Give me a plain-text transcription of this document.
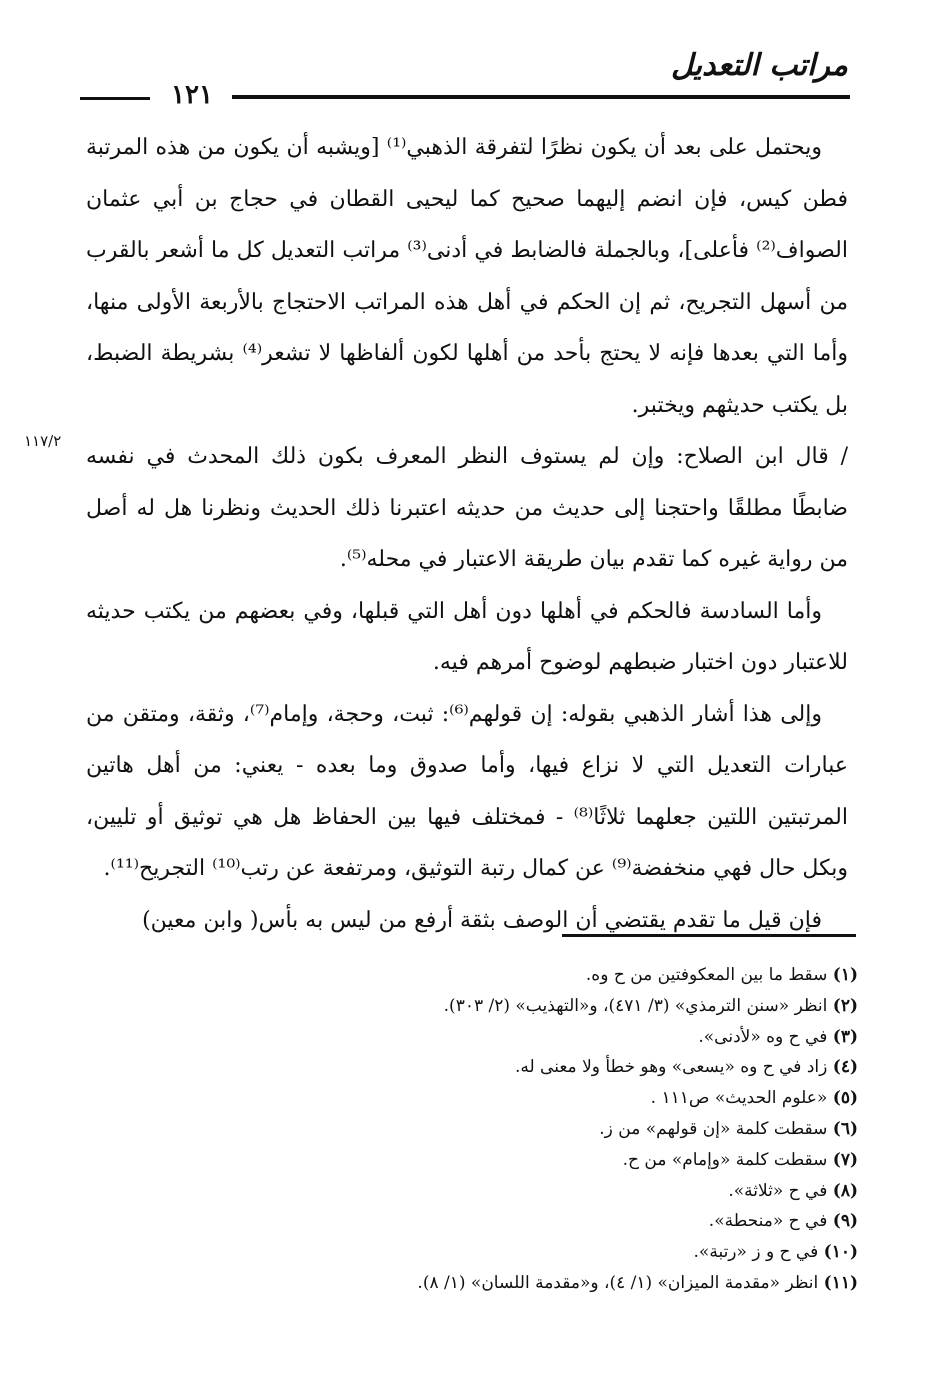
مراتب التعديل
١٢١
١١٧/٢

ويحتمل على بعد أن يكون نظرًا لتفرقة الذهبي⁽¹⁾ [ويشبه أن يكون من هذه المرتبة فطن كيس، فإن انضم إليهما صحيح كما ليحيى القطان في حجاج بن أبي عثمان الصواف⁽²⁾ فأعلى]، وبالجملة فالضابط في أدنى⁽³⁾ مراتب التعديل كل ما أشعر بالقرب من أسهل التجريح، ثم إن الحكم في أهل هذه المراتب الاحتجاج بالأربعة الأولى منها، وأما التي بعدها فإنه لا يحتج بأحد من أهلها لكون ألفاظها لا تشعر⁽⁴⁾ بشريطة الضبط، بل يكتب حديثهم ويختبر.

/ قال ابن الصلاح: وإن لم يستوف النظر المعرف بكون ذلك المحدث في نفسه ضابطًا مطلقًا واحتجنا إلى حديث من حديثه اعتبرنا ذلك الحديث ونظرنا هل له أصل من رواية غيره كما تقدم بيان طريقة الاعتبار في محله⁽⁵⁾.

وأما السادسة فالحكم في أهلها دون أهل التي قبلها، وفي بعضهم من يكتب حديثه للاعتبار دون اختبار ضبطهم لوضوح أمرهم فيه.

وإلى هذا أشار الذهبي بقوله: إن قولهم⁽⁶⁾: ثبت، وحجة، وإمام⁽⁷⁾، وثقة، ومتقن من عبارات التعديل التي لا نزاع فيها، وأما صدوق وما بعده - يعني: من أهل هاتين المرتبتين اللتين جعلهما ثلاثًا⁽⁸⁾ - فمختلف فيها بين الحفاظ هل هي توثيق أو تليين، وبكل حال فهي منخفضة⁽⁹⁾ عن كمال رتبة التوثيق، ومرتفعة عن رتب⁽¹⁰⁾ التجريح⁽¹¹⁾.

فإن قيل ما تقدم يقتضي أن الوصف بثقة أرفع من ليس به بأس( وابن معين)

(١) سقط ما بين المعكوفتين من ح وه.
(٢) انظر «سنن الترمذي» (٣/ ٤٧١)، و«التهذيب» (٢/ ٣٠٣).
(٣) في ح وه «لأدنى».
(٤) زاد في ح وه «يسعى» وهو خطأ ولا معنى له.
(٥) «علوم الحديث» ص١١١ .
(٦) سقطت كلمة «إن قولهم» من ز.
(٧) سقطت كلمة «وإمام» من ح.
(٨) في ح «ثلاثة».
(٩) في ح «منحطة».
(١٠) في ح و ز «رتبة».
(١١) انظر «مقدمة الميزان» (١/ ٤)، و«مقدمة اللسان» (١/ ٨).
